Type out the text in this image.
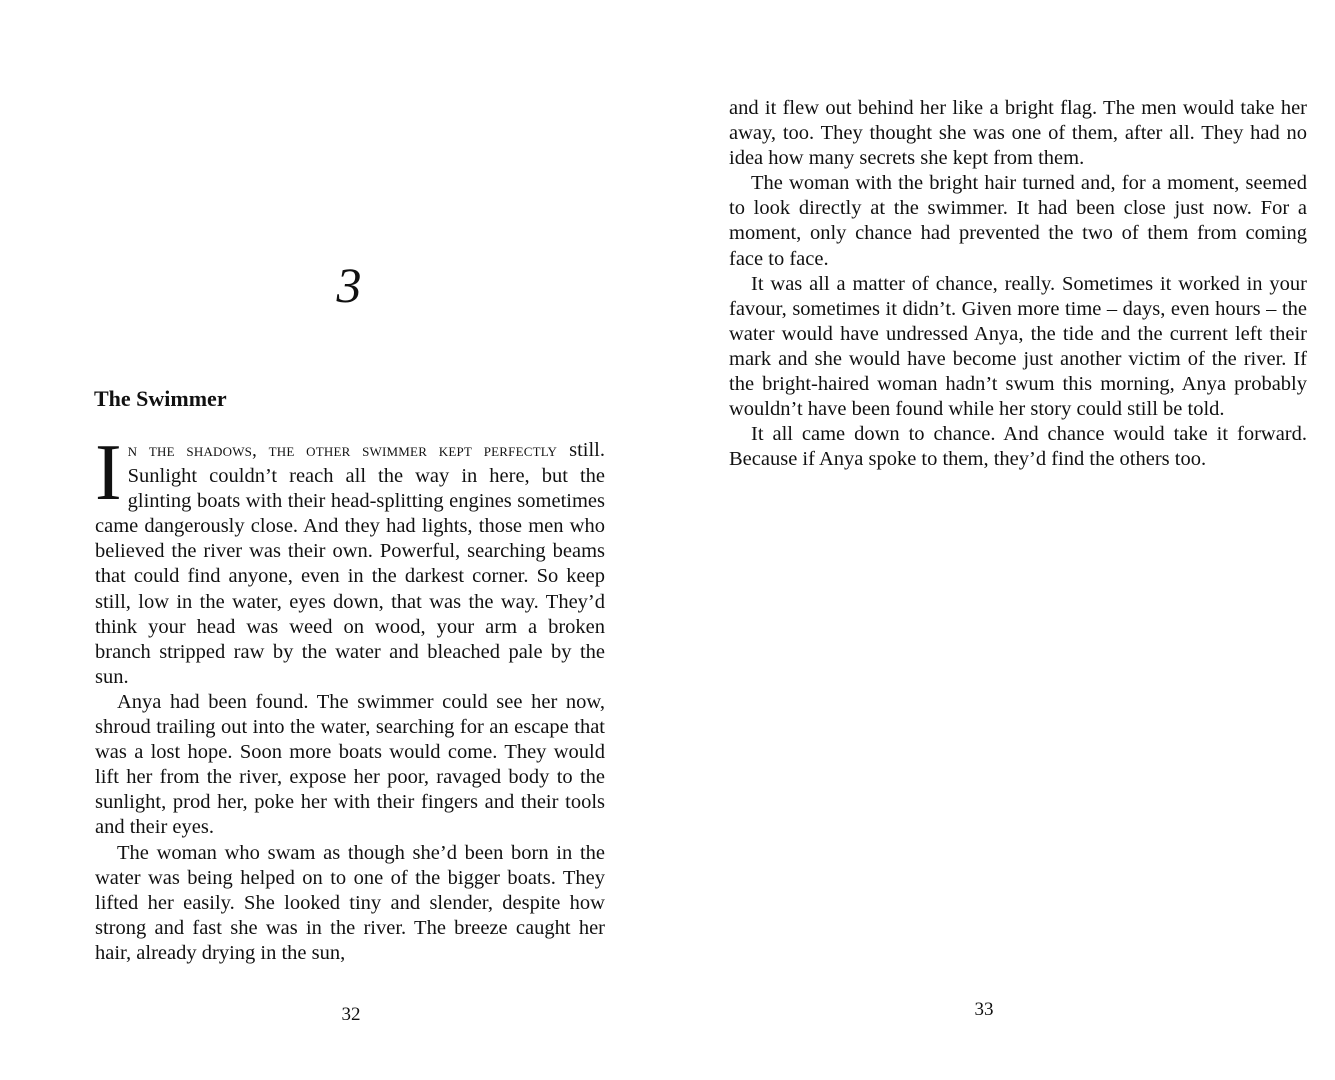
3
The Swimmer

In the shadows, the other swimmer kept perfectly still. Sunlight couldn’t reach all the way in here, but the glinting boats with their head-splitting engines sometimes came dangerously close. And they had lights, those men who believed the river was their own. Powerful, searching beams that could find anyone, even in the darkest corner. So keep still, low in the water, eyes down, that was the way. They’d think your head was weed on wood, your arm a broken branch stripped raw by the water and bleached pale by the sun.

Anya had been found. The swimmer could see her now, shroud trailing out into the water, searching for an escape that was a lost hope. Soon more boats would come. They would lift her from the river, expose her poor, ravaged body to the sunlight, prod her, poke her with their fingers and their tools and their eyes.

The woman who swam as though she’d been born in the water was being helped on to one of the bigger boats. They lifted her easily. She looked tiny and slender, despite how strong and fast she was in the river. The breeze caught her hair, already drying in the sun,

32

and it flew out behind her like a bright flag. The men would take her away, too. They thought she was one of them, after all. They had no idea how many secrets she kept from them.

The woman with the bright hair turned and, for a moment, seemed to look directly at the swimmer. It had been close just now. For a moment, only chance had prevented the two of them from coming face to face.

It was all a matter of chance, really. Sometimes it worked in your favour, sometimes it didn’t. Given more time – days, even hours – the water would have undressed Anya, the tide and the current left their mark and she would have become just another victim of the river. If the bright-haired woman hadn’t swum this morning, Anya probably wouldn’t have been found while her story could still be told.

It all came down to chance. And chance would take it forward. Because if Anya spoke to them, they’d find the others too.

33
